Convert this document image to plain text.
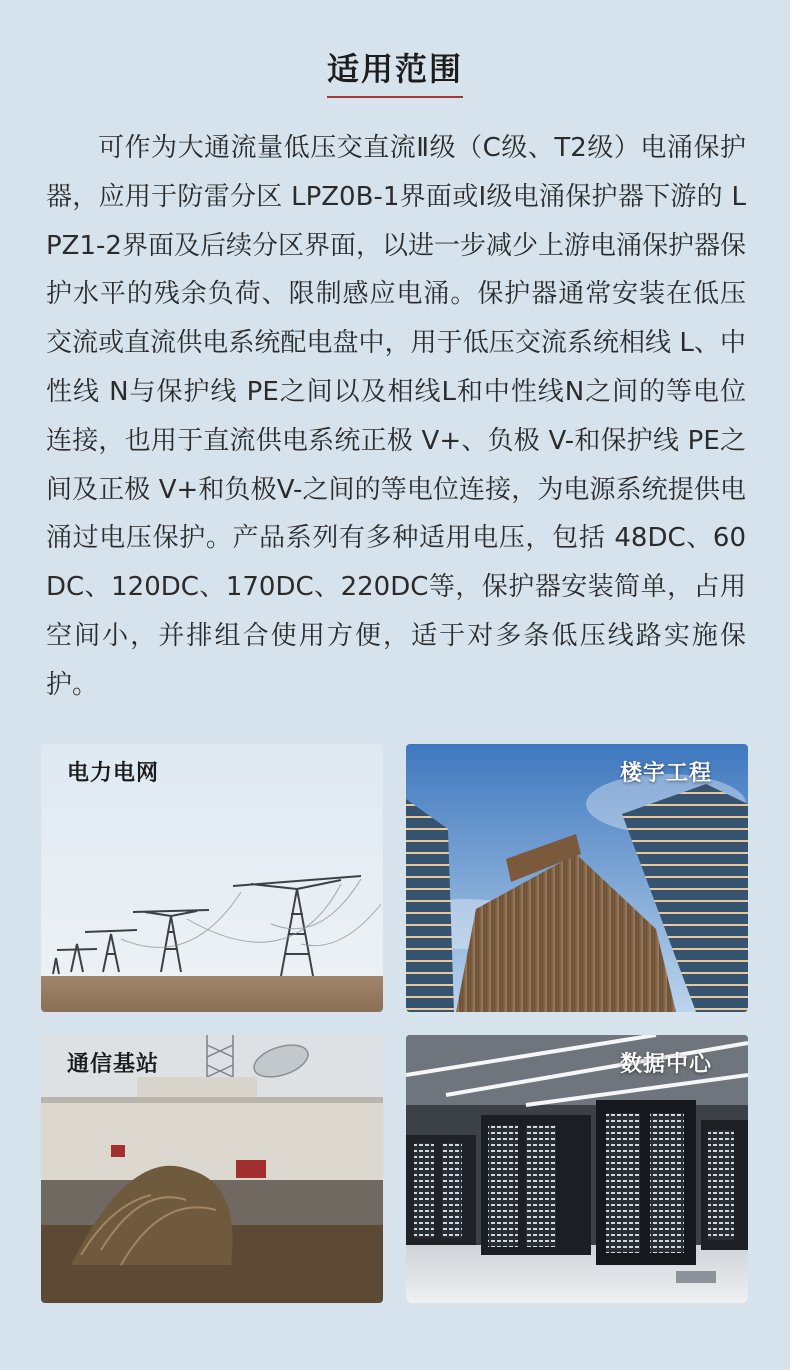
适用范围

可作为大通流量低压交直流Ⅱ级（C级、T2级）电涌保护器，应用于防雷分区 LPZ0B-1界面或Ⅰ级电涌保护器下游的 LPZ1-2界面及后续分区界面，以进一步减少上游电涌保护器保护水平的残余负荷、限制感应电涌。保护器通常安装在低压交流或直流供电系统配电盘中，用于低压交流系统相线 L、中性线 N与保护线 PE之间以及相线L和中性线N之间的等电位连接，也用于直流供电系统正极 V+、负极 V-和保护线 PE之间及正极 V+和负极V-之间的等电位连接，为电源系统提供电涌过电压保护。产品系列有多种适用电压，包括 48DC、60DC、120DC、170DC、220DC等，保护器安装简单，占用空间小，并排组合使用方便，适于对多条低压线路实施保护。

电力电网	楼宇工程
通信基站	数据中心
